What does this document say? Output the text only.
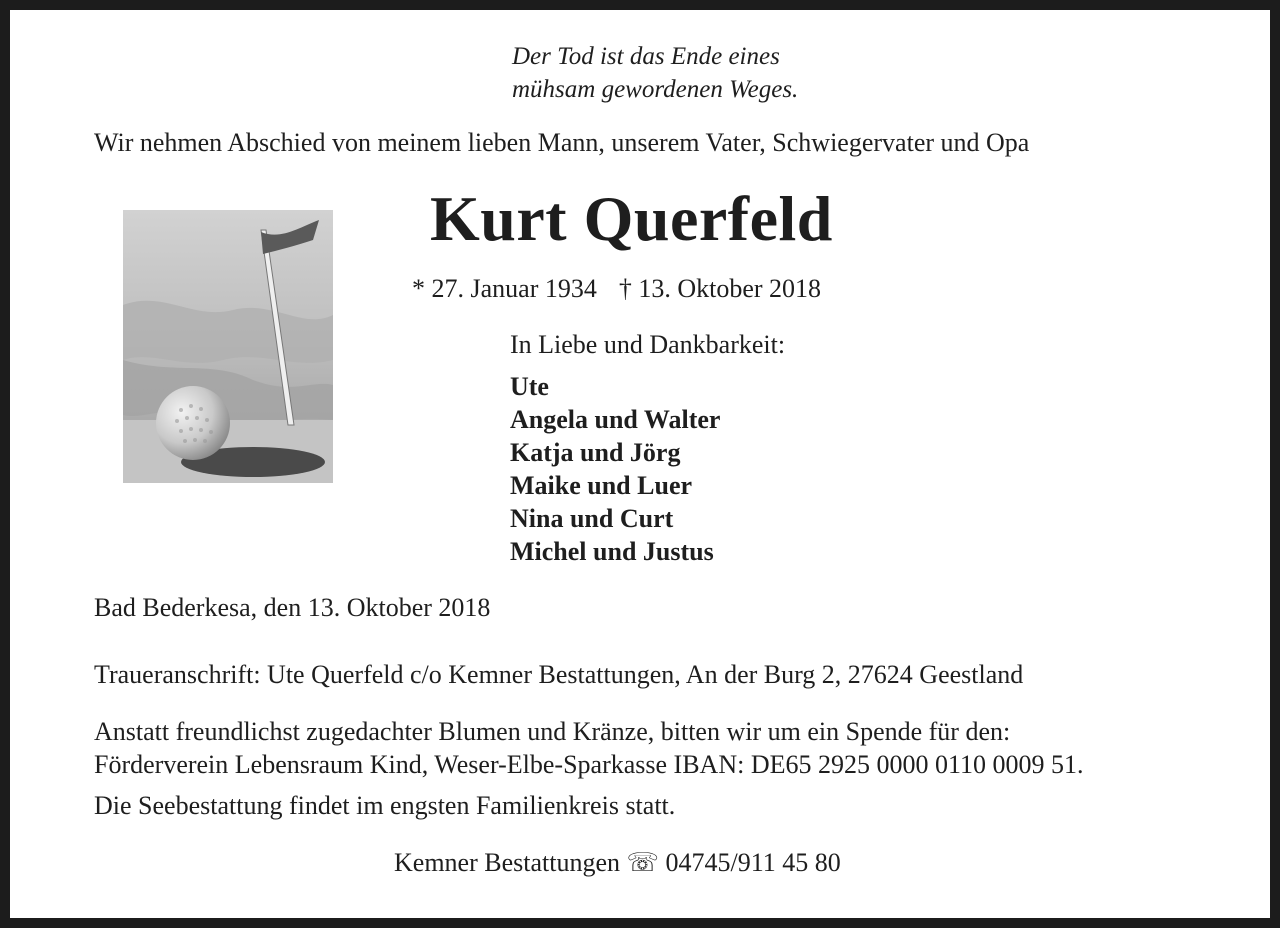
Der Tod ist das Ende eines
mühsam gewordenen Weges.
Wir nehmen Abschied von meinem lieben Mann, unserem Vater, Schwiegervater und Opa
Kurt Querfeld
* 27. Januar 1934 † 13. Oktober 2018
In Liebe und Dankbarkeit:
Ute
Angela und Walter
Katja und Jörg
Maike und Luer
Nina und Curt
Michel und Justus
Bad Bederkesa, den 13. Oktober 2018
Traueranschrift: Ute Querfeld c/o Kemner Bestattungen, An der Burg 2, 27624 Geestland
Anstatt freundlichst zugedachter Blumen und Kränze, bitten wir um ein Spende für den:
Förderverein Lebensraum Kind, Weser-Elbe-Sparkasse IBAN: DE65 2925 0000 0110 0009 51.
Die Seebestattung findet im engsten Familienkreis statt.
Kemner Bestattungen ☏ 04745/911 45 80
